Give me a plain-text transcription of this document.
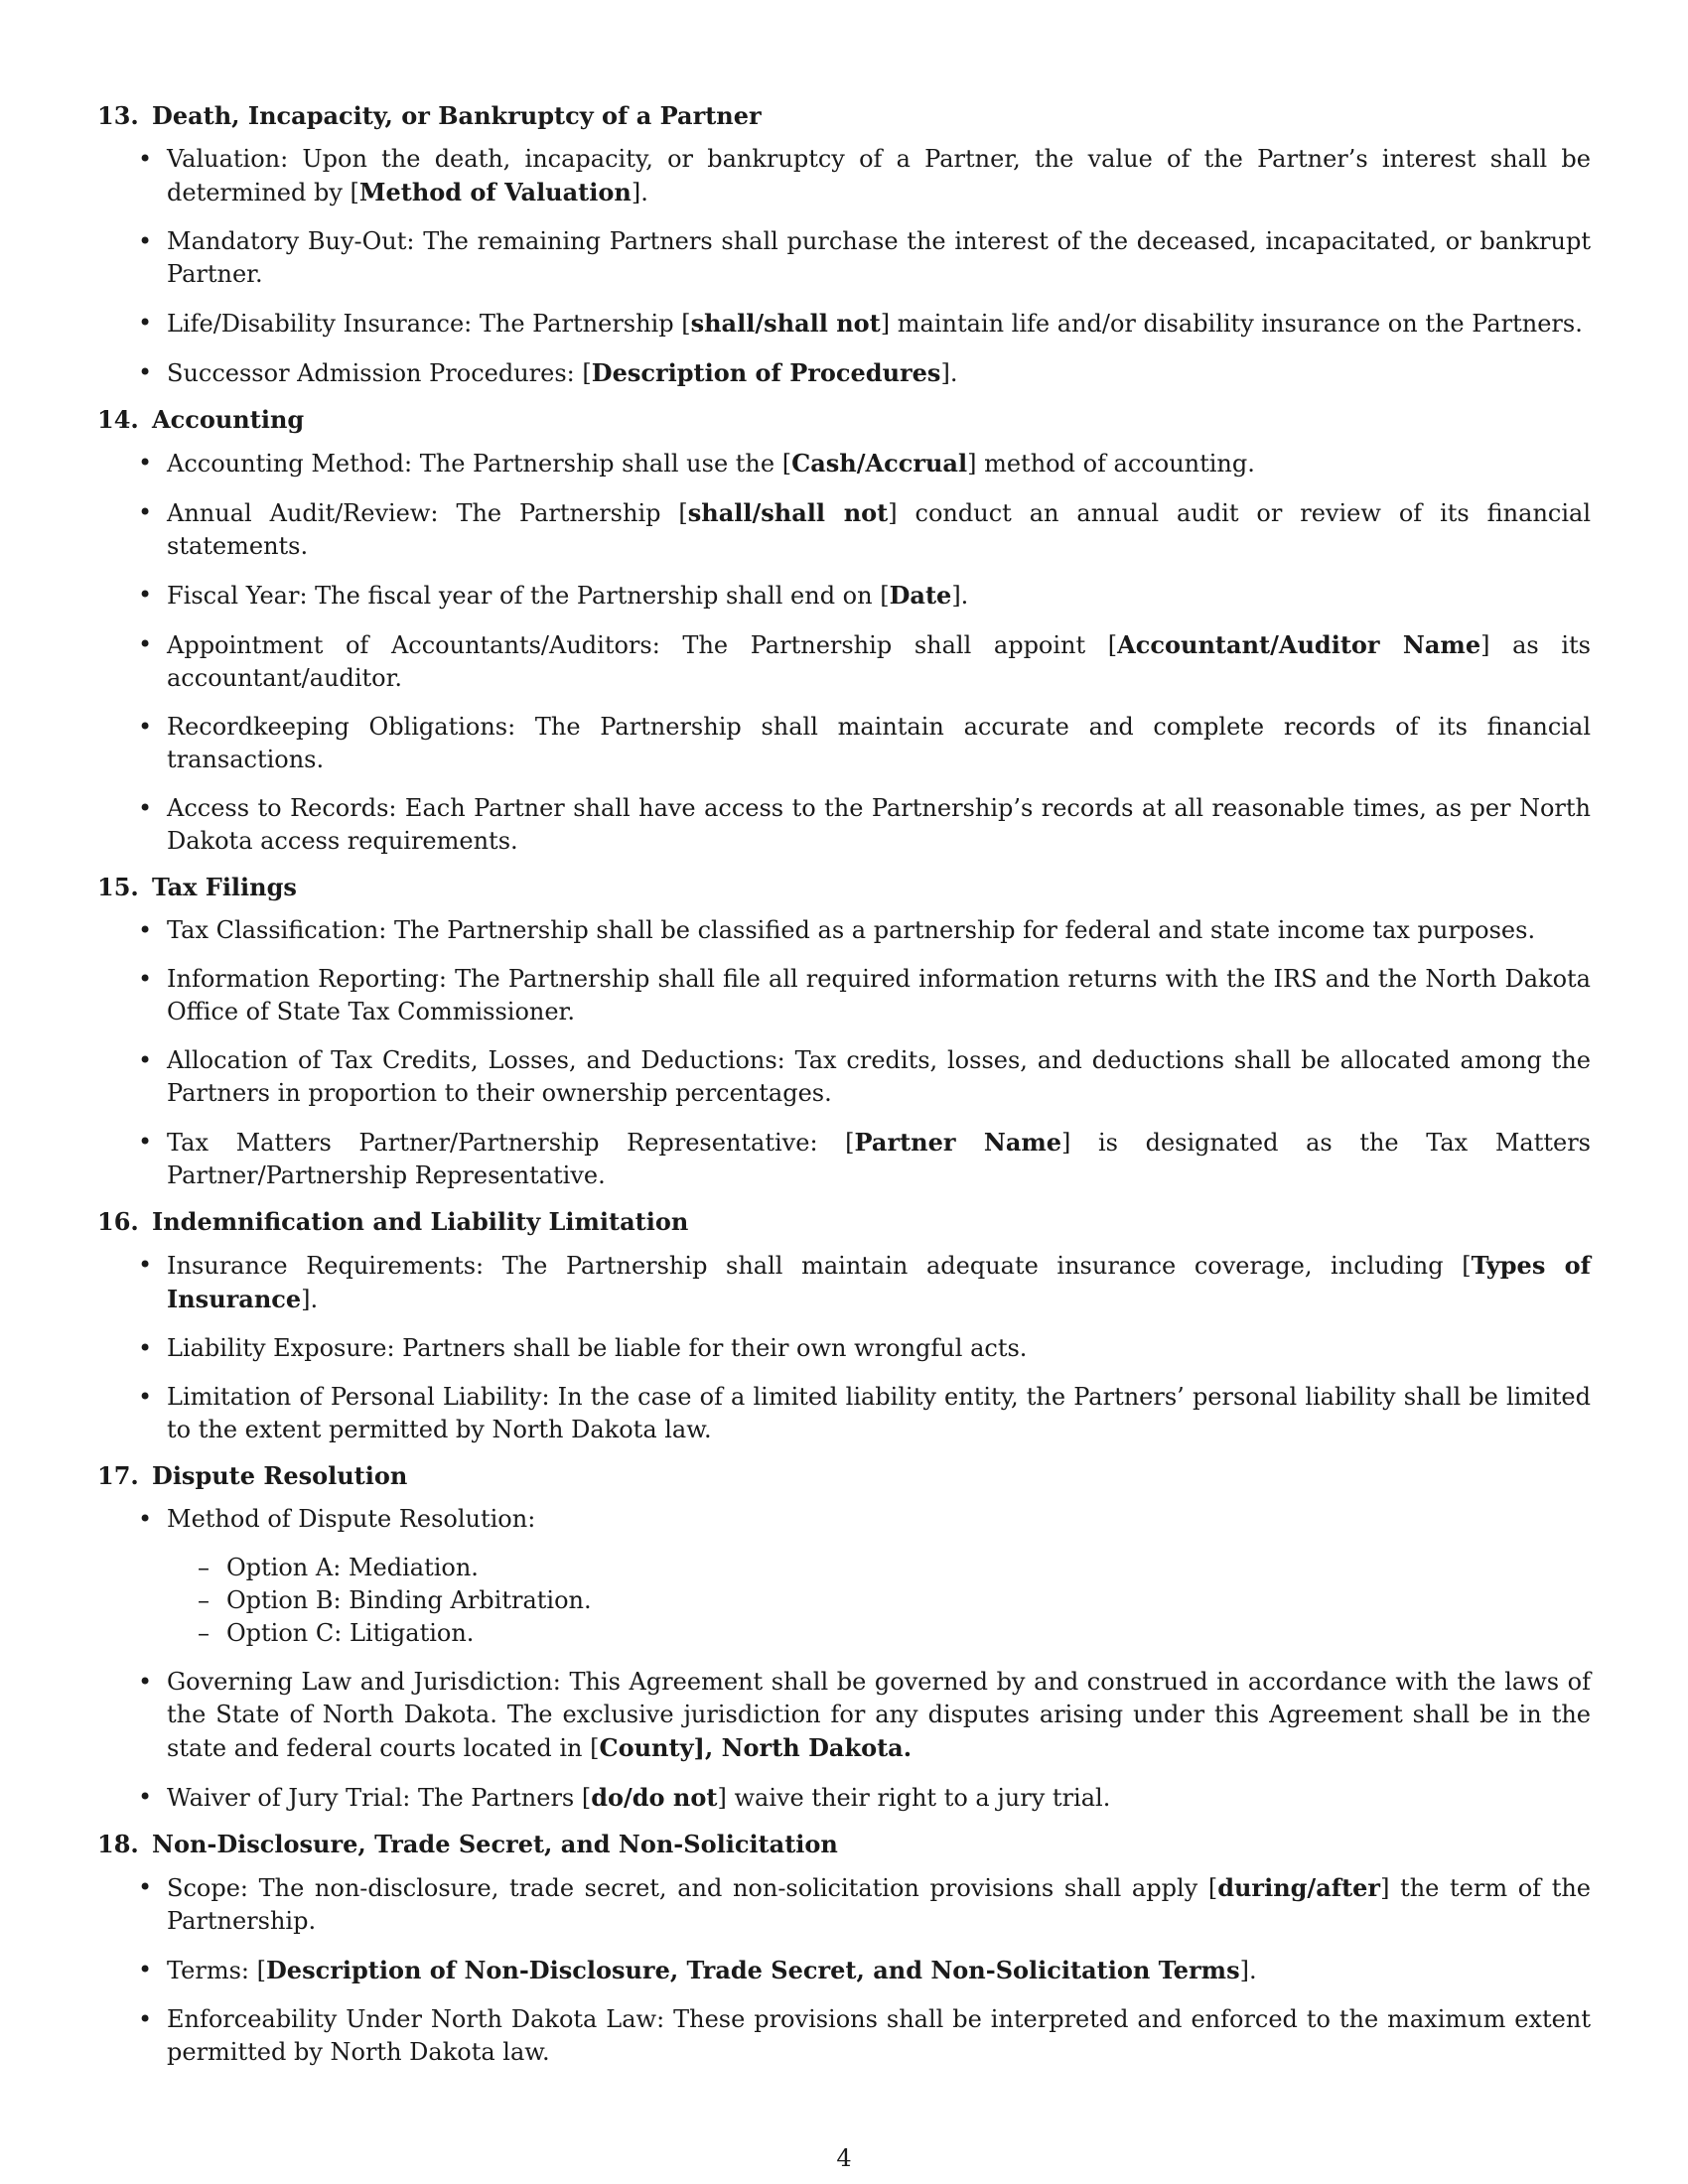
13. Death, Incapacity, or Bankruptcy of a Partner
• Valuation: Upon the death, incapacity, or bankruptcy of a Partner, the value of the Partner’s interest shall be determined by [Method of Valuation].
• Mandatory Buy-Out: The remaining Partners shall purchase the interest of the deceased, incapacitated, or bankrupt Partner.
• Life/Disability Insurance: The Partnership [shall/shall not] maintain life and/or disability insurance on the Partners.
• Successor Admission Procedures: [Description of Procedures].
14. Accounting
• Accounting Method: The Partnership shall use the [Cash/Accrual] method of accounting.
• Annual Audit/Review: The Partnership [shall/shall not] conduct an annual audit or review of its financial statements.
• Fiscal Year: The fiscal year of the Partnership shall end on [Date].
• Appointment of Accountants/Auditors: The Partnership shall appoint [Accountant/Auditor Name] as its accountant/auditor.
• Recordkeeping Obligations: The Partnership shall maintain accurate and complete records of its financial transactions.
• Access to Records: Each Partner shall have access to the Partnership’s records at all reasonable times, as per North Dakota access requirements.
15. Tax Filings
• Tax Classification: The Partnership shall be classified as a partnership for federal and state income tax purposes.
• Information Reporting: The Partnership shall file all required information returns with the IRS and the North Dakota Office of State Tax Commissioner.
• Allocation of Tax Credits, Losses, and Deductions: Tax credits, losses, and deductions shall be allocated among the Partners in proportion to their ownership percentages.
• Tax Matters Partner/Partnership Representative: [Partner Name] is designated as the Tax Matters Partner/Partnership Representative.
16. Indemnification and Liability Limitation
• Insurance Requirements: The Partnership shall maintain adequate insurance coverage, including [Types of Insurance].
• Liability Exposure: Partners shall be liable for their own wrongful acts.
• Limitation of Personal Liability: In the case of a limited liability entity, the Partners’ personal liability shall be limited to the extent permitted by North Dakota law.
17. Dispute Resolution
• Method of Dispute Resolution:
– Option A: Mediation.
– Option B: Binding Arbitration.
– Option C: Litigation.
• Governing Law and Jurisdiction: This Agreement shall be governed by and construed in accordance with the laws of the State of North Dakota. The exclusive jurisdiction for any disputes arising under this Agreement shall be in the state and federal courts located in [County], North Dakota.
• Waiver of Jury Trial: The Partners [do/do not] waive their right to a jury trial.
18. Non-Disclosure, Trade Secret, and Non-Solicitation
• Scope: The non-disclosure, trade secret, and non-solicitation provisions shall apply [during/after] the term of the Partnership.
• Terms: [Description of Non-Disclosure, Trade Secret, and Non-Solicitation Terms].
• Enforceability Under North Dakota Law: These provisions shall be interpreted and enforced to the maximum extent permitted by North Dakota law.
4
